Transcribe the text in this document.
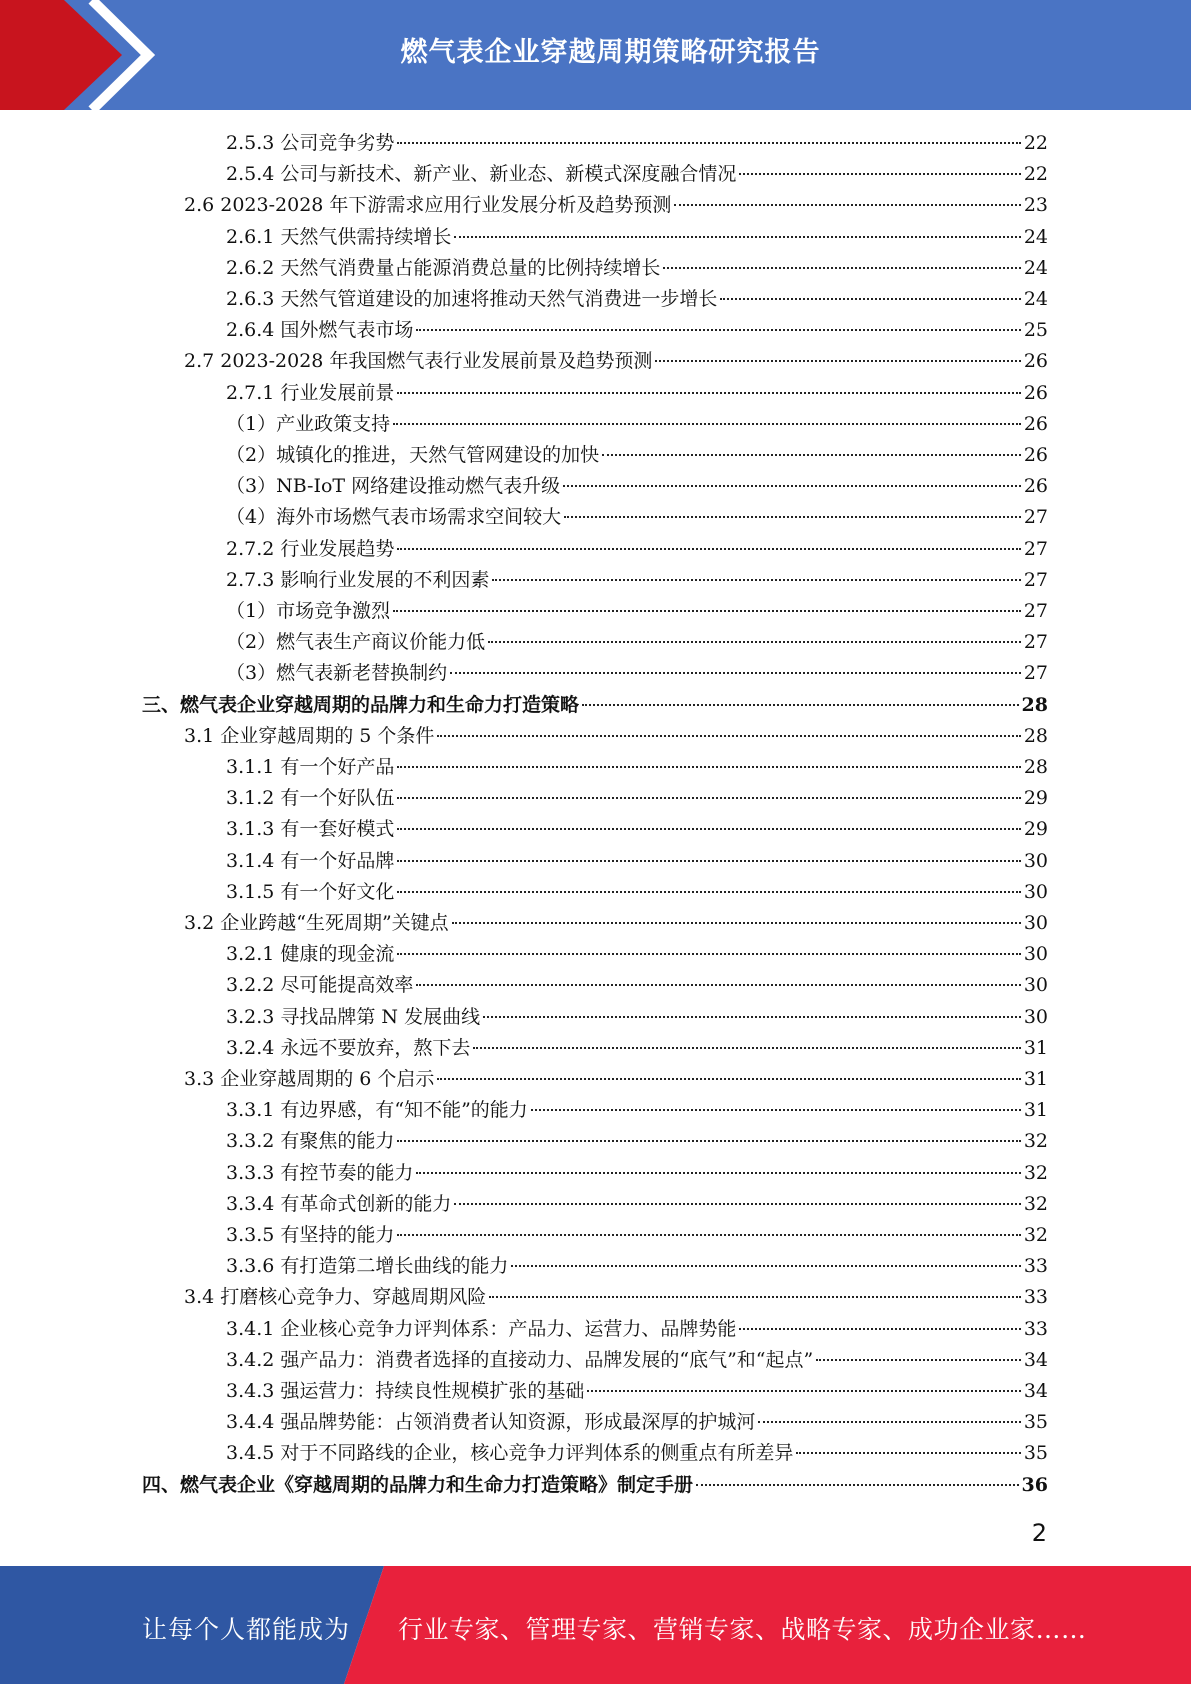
燃气表企业穿越周期策略研究报告
2.5.3 公司竞争劣势	22
2.5.4 公司与新技术、新产业、新业态、新模式深度融合情况	22
2.6 2023-2028 年下游需求应用行业发展分析及趋势预测	23
2.6.1 天然气供需持续增长	24
2.6.2 天然气消费量占能源消费总量的比例持续增长	24
2.6.3 天然气管道建设的加速将推动天然气消费进一步增长	24
2.6.4 国外燃气表市场	25
2.7 2023-2028 年我国燃气表行业发展前景及趋势预测	26
2.7.1 行业发展前景	26
（1）产业政策支持	26
（2）城镇化的推进，天然气管网建设的加快	26
（3）NB-IoT 网络建设推动燃气表升级	26
（4）海外市场燃气表市场需求空间较大	27
2.7.2 行业发展趋势	27
2.7.3 影响行业发展的不利因素	27
（1）市场竞争激烈	27
（2）燃气表生产商议价能力低	27
（3）燃气表新老替换制约	27
三、燃气表企业穿越周期的品牌力和生命力打造策略	28
3.1 企业穿越周期的 5 个条件	28
3.1.1 有一个好产品	28
3.1.2 有一个好队伍	29
3.1.3 有一套好模式	29
3.1.4 有一个好品牌	30
3.1.5 有一个好文化	30
3.2 企业跨越“生死周期”关键点	30
3.2.1 健康的现金流	30
3.2.2 尽可能提高效率	30
3.2.3 寻找品牌第 N 发展曲线	30
3.2.4 永远不要放弃，熬下去	31
3.3 企业穿越周期的 6 个启示	31
3.3.1 有边界感，有“知不能”的能力	31
3.3.2 有聚焦的能力	32
3.3.3 有控节奏的能力	32
3.3.4 有革命式创新的能力	32
3.3.5 有坚持的能力	32
3.3.6 有打造第二增长曲线的能力	33
3.4 打磨核心竞争力、穿越周期风险	33
3.4.1 企业核心竞争力评判体系：产品力、运营力、品牌势能	33
3.4.2 强产品力：消费者选择的直接动力、品牌发展的“底气”和“起点”	34
3.4.3 强运营力：持续良性规模扩张的基础	34
3.4.4 强品牌势能：占领消费者认知资源，形成最深厚的护城河	35
3.4.5 对于不同路线的企业，核心竞争力评判体系的侧重点有所差异	35
四、燃气表企业《穿越周期的品牌力和生命力打造策略》制定手册	36
2
让每个人都能成为 行业专家、管理专家、营销专家、战略专家、成功企业家……
